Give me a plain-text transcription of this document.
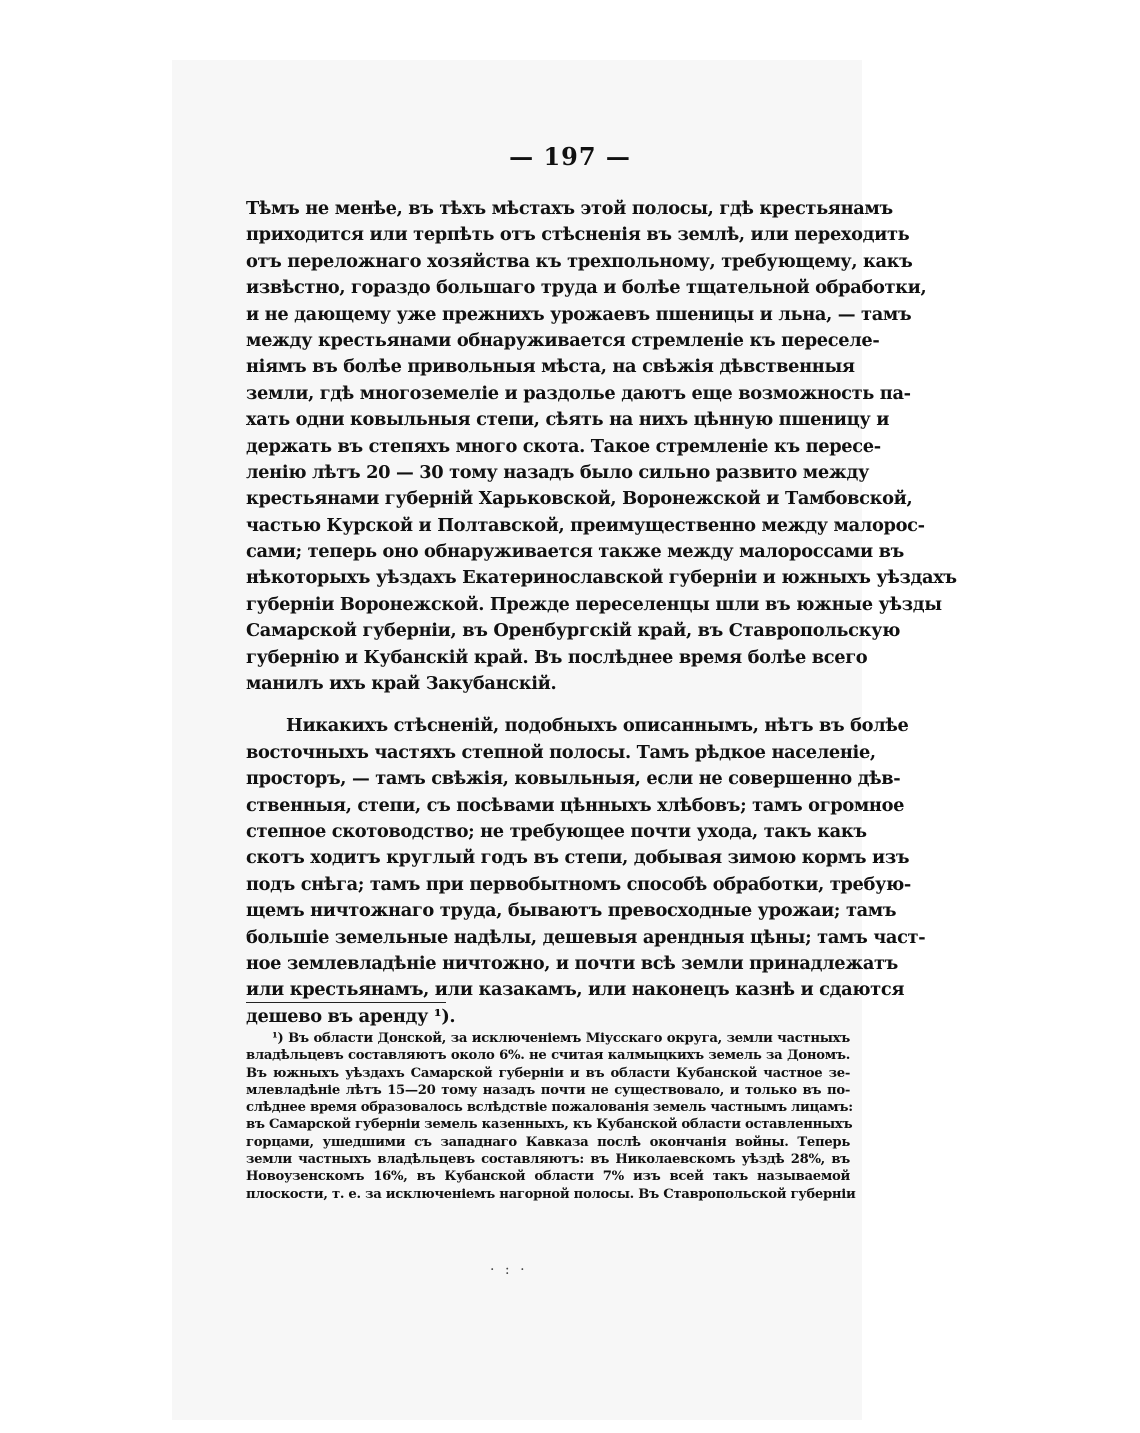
— 197 —
Тѣмъ не менѣе, въ тѣхъ мѣстахъ этой полосы, гдѣ крестьянамъ
приходится или терпѣть отъ стѣсненія въ землѣ, или переходить
отъ переложнаго хозяйства къ трехпольному, требующему, какъ
извѣстно, гораздо большаго труда и болѣе тщательной обработки,
и не дающему уже прежнихъ урожаевъ пшеницы и льна, — тамъ
между крестьянами обнаруживается стремленіе къ переселе-
ніямъ въ болѣе привольныя мѣста, на свѣжія дѣвственныя
земли, гдѣ многоземеліе и раздолье даютъ еще возможность па-
хать одни ковыльныя степи, сѣять на нихъ цѣнную пшеницу и
держать въ степяхъ много скота. Такое стремленіе къ пересе-
ленію лѣтъ 20 — 30 тому назадъ было сильно развито между
крестьянами губерній Харьковской, Воронежской и Тамбовской,
частью Курской и Полтавской, преимущественно между малорос-
сами; теперь оно обнаруживается также между малороссами въ
нѣкоторыхъ уѣздахъ Екатеринославской губерніи и южныхъ уѣздахъ
губерніи Воронежской. Прежде переселенцы шли въ южные уѣзды
Самарской губерніи, въ Оренбургскій край, въ Ставропольскую
губернію и Кубанскій край. Въ послѣднее время болѣе всего
манилъ ихъ край Закубанскій.
Никакихъ стѣсненій, подобныхъ описаннымъ, нѣтъ въ болѣе
восточныхъ частяхъ степной полосы. Тамъ рѣдкое населеніе,
просторъ, — тамъ свѣжія, ковыльныя, если не совершенно дѣв-
ственныя, степи, съ посѣвами цѣнныхъ хлѣбовъ; тамъ огромное
степное скотоводство; не требующее почти ухода, такъ какъ
скотъ ходитъ круглый годъ въ степи, добывая зимою кормъ изъ
подъ снѣга; тамъ при первобытномъ способѣ обработки, требую-
щемъ ничтожнаго труда, бываютъ превосходные урожаи; тамъ
большіе земельные надѣлы, дешевыя арендныя цѣны; тамъ част-
ное землевладѣніе ничтожно, и почти всѣ земли принадлежатъ
или крестьянамъ, или казакамъ, или наконецъ казнѣ и сдаются
дешево въ аренду ¹).
¹) Въ области Донской, за исключеніемъ Міусскаго округа, земли частныхъ
владѣльцевъ составляютъ около 6%. не считая калмыцкихъ земель за Дономъ.
Въ южныхъ уѣздахъ Самарской губерніи и въ области Кубанской частное зе-
млевладѣніе лѣтъ 15—20 тому назадъ почти не существовало, и только въ по-
слѣднее время образовалось вслѣдствіе пожалованія земель частнымъ лицамъ:
въ Самарской губерніи земель казенныхъ, къ Кубанской области оставленныхъ
горцами, ушедшими съ западнаго Кавказа послѣ окончанія войны. Теперь
земли частныхъ владѣльцевъ составляютъ: въ Николаевскомъ уѣздѣ 28%, въ
Новоузенскомъ 16%, въ Кубанской области 7% изъ всей такъ называемой
плоскости, т. е. за исключеніемъ нагорной полосы. Въ Ставропольской губерніи
· : ·
